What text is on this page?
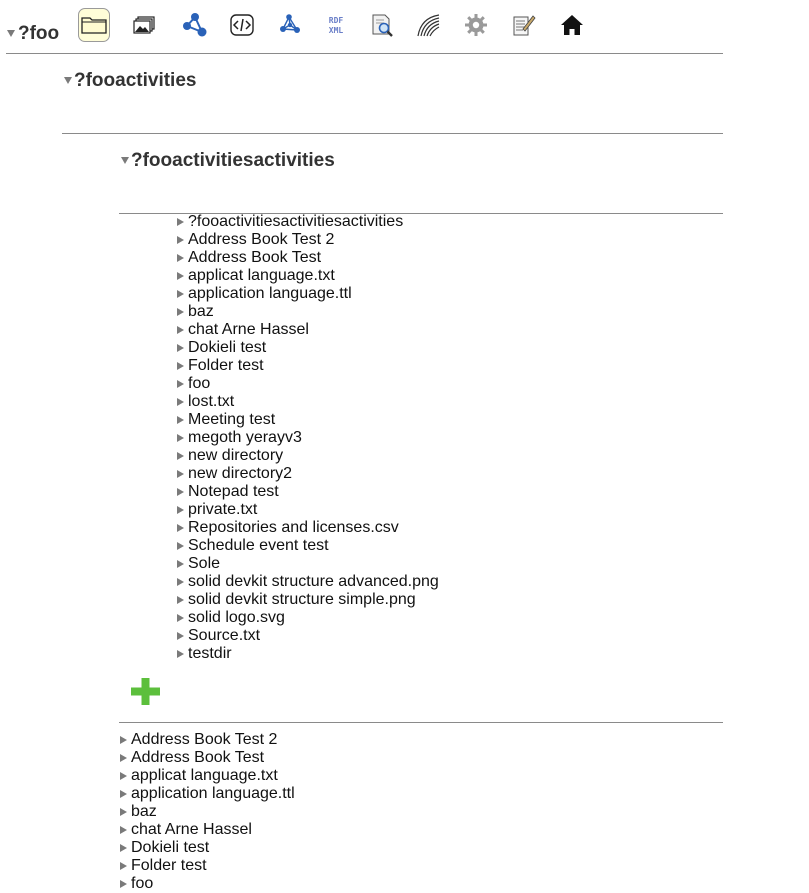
?foo
RDF
XML
?fooactivities
?fooactivitiesactivities
?fooactivitiesactivitiesactivities
Address Book Test 2
Address Book Test
applicat language.txt
application language.ttl
baz
chat Arne Hassel
Dokieli test
Folder test
foo
lost.txt
Meeting test
megoth yerayv3
new directory
new directory2
Notepad test
private.txt
Repositories and licenses.csv
Schedule event test
Sole
solid devkit structure advanced.png
solid devkit structure simple.png
solid logo.svg
Source.txt
testdir
Address Book Test 2
Address Book Test
applicat language.txt
application language.ttl
baz
chat Arne Hassel
Dokieli test
Folder test
foo
